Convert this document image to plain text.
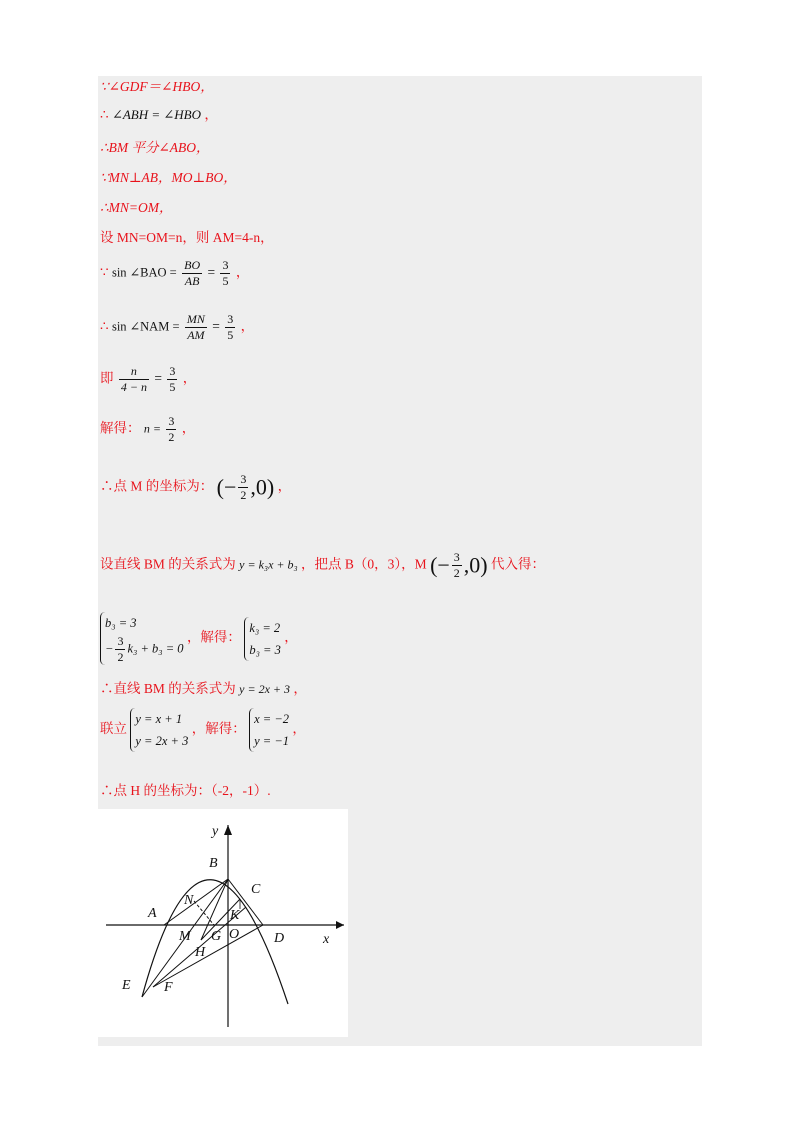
∵∠GDF＝∠HBO，
∴ ∠ABH = ∠HBO ，
∴BM 平分∠ABO，
∵MN⊥AB，MO⊥BO，
∴MN=OM，
设 MN=OM=n，则 AM=4-n，
∵ sin ∠BAO = $\frac{BO}{AB} = \frac{3}{5}$ ，
∴ sin ∠NAM = $\frac{MN}{AM} = \frac{3}{5}$ ，
即 $\frac{n}{4 - n} = \frac{3}{5}$ ，
解得： $n = \frac{3}{2}$ ，
∴点 M 的坐标为： (− $\frac{3}{2} ,0$) ，
设直线 BM 的关系式为 y = k₃x + b₃ ，把点 B（0，3），M (− $\frac{3}{2} ,0$) 代入得：
b₃ = 3
− $\frac{3}{2} k_3 + b_3 = 0$
，解得：
k₃ = 2
b₃ = 3
，
∴直线 BM 的关系式为 y = 2x + 3 ，
联立
y = x + 1
y = 2x + 3
，解得：
x = −2
y = −1
，
∴点 H 的坐标为：（-2，-1）.
y
x
B
C
A
N
K
M G O D
H
E F
